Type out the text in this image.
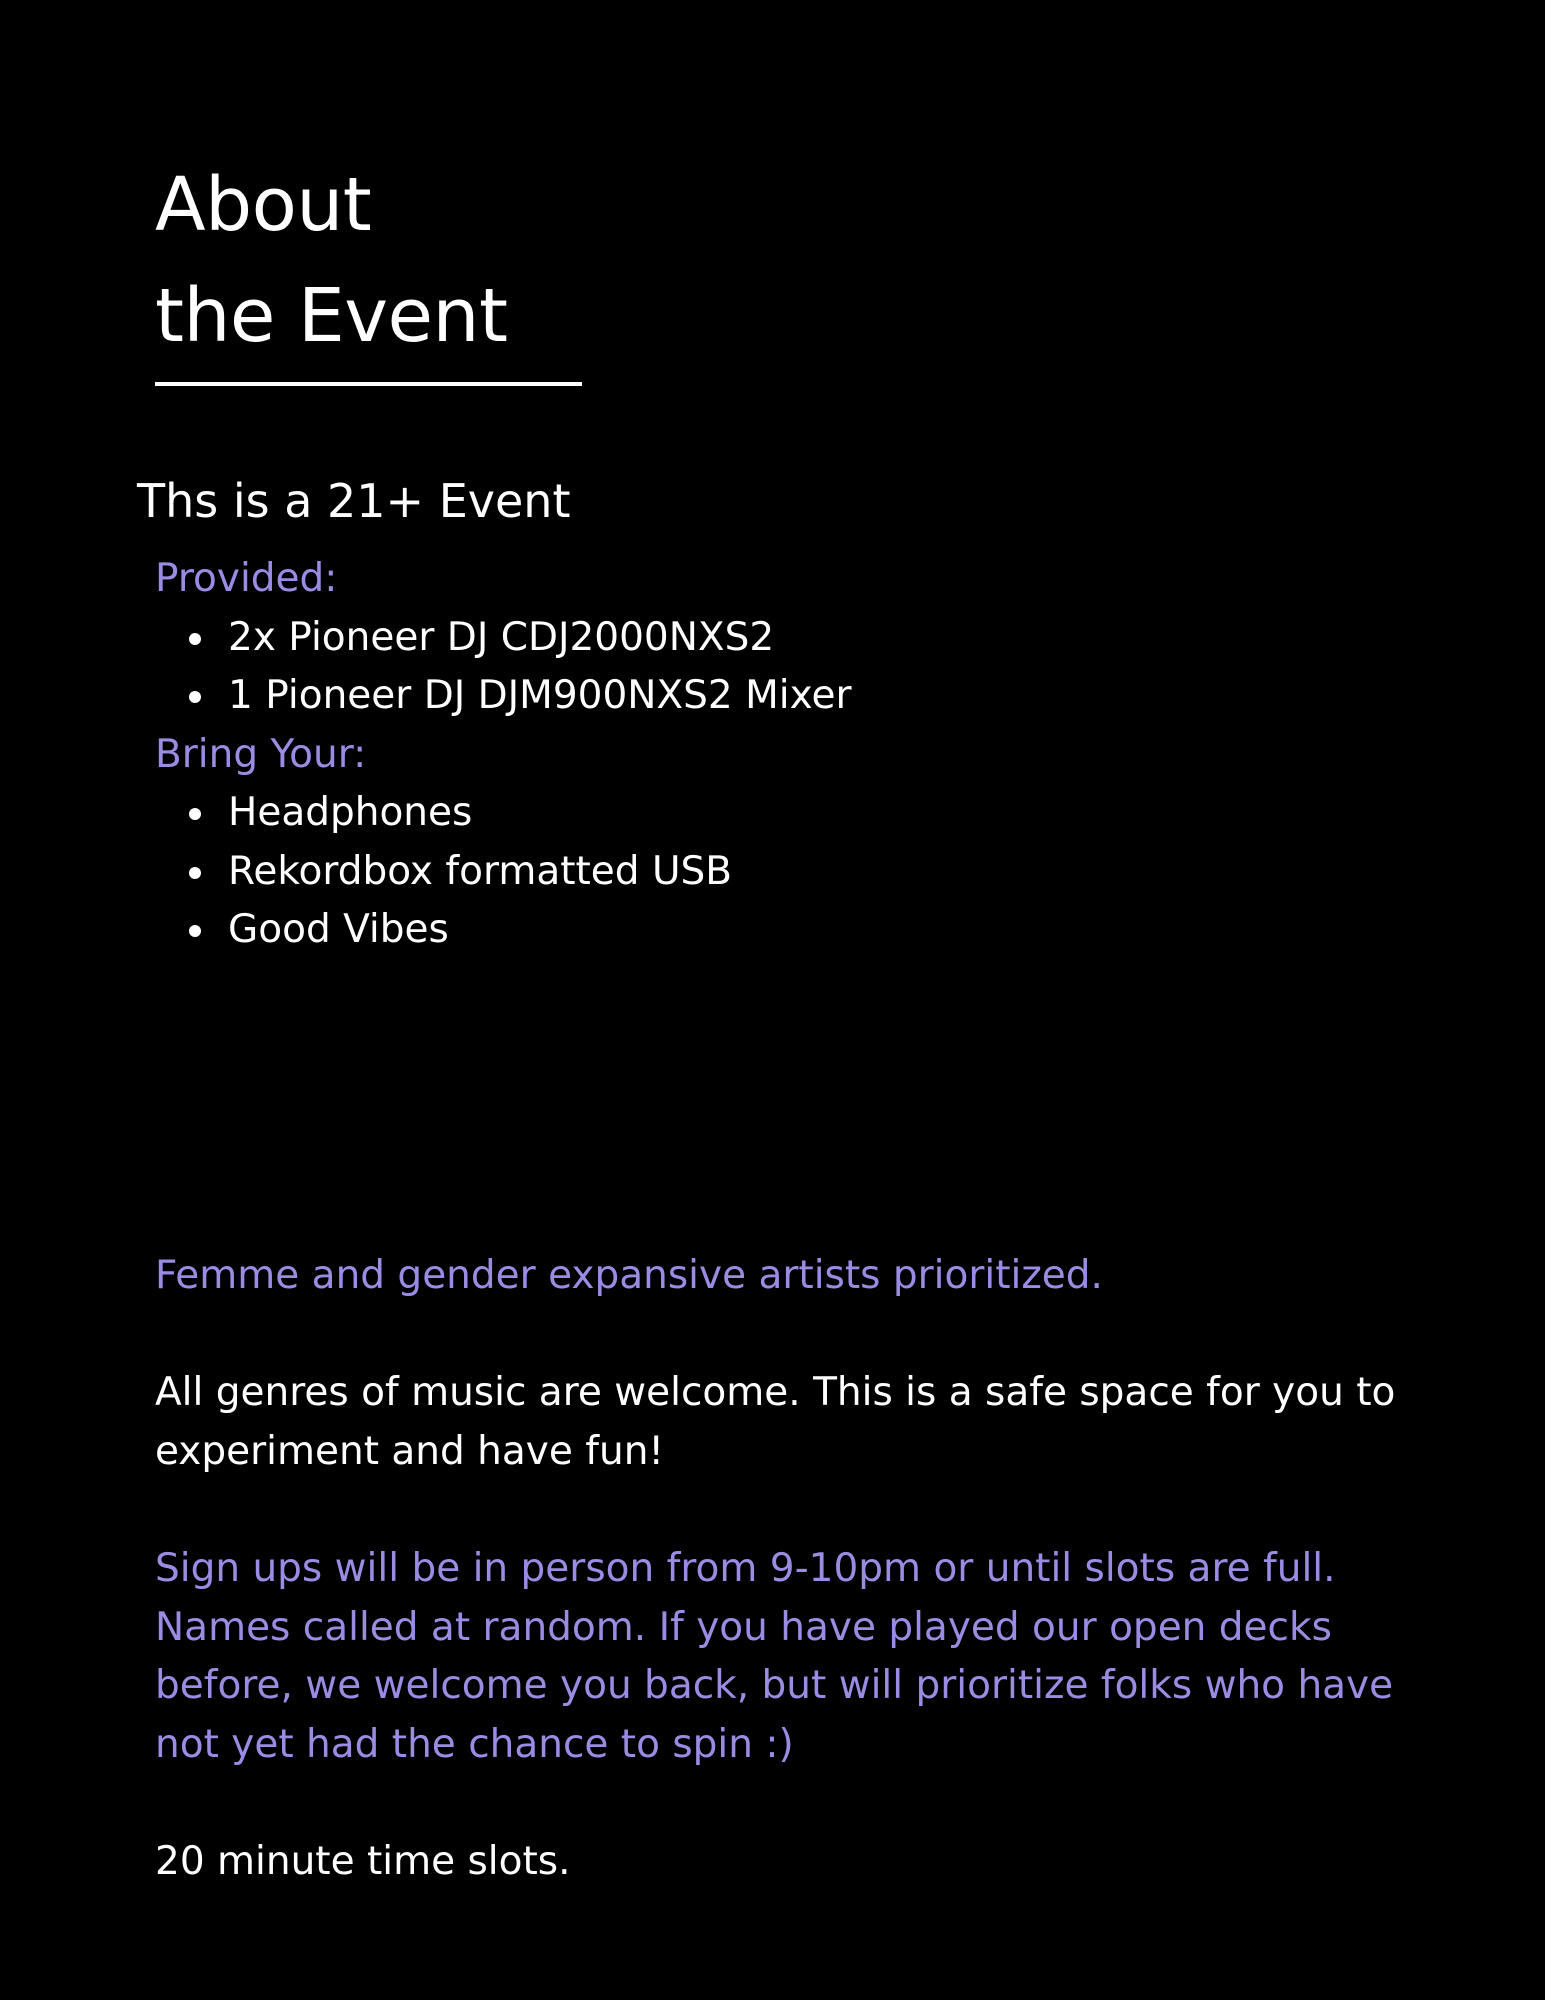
About
the Event
Ths is a 21+ Event
Provided:
2x Pioneer DJ CDJ2000NXS2
1 Pioneer DJ DJM900NXS2 Mixer
Bring Your:
Headphones
Rekordbox formatted USB
Good Vibes

Femme and gender expansive artists prioritized.

All genres of music are welcome. This is a safe space for you to experiment and have fun!

Sign ups will be in person from 9-10pm or until slots are full. Names called at random. If you have played our open decks before, we welcome you back, but will prioritize folks who have not yet had the chance to spin :)

20 minute time slots.
